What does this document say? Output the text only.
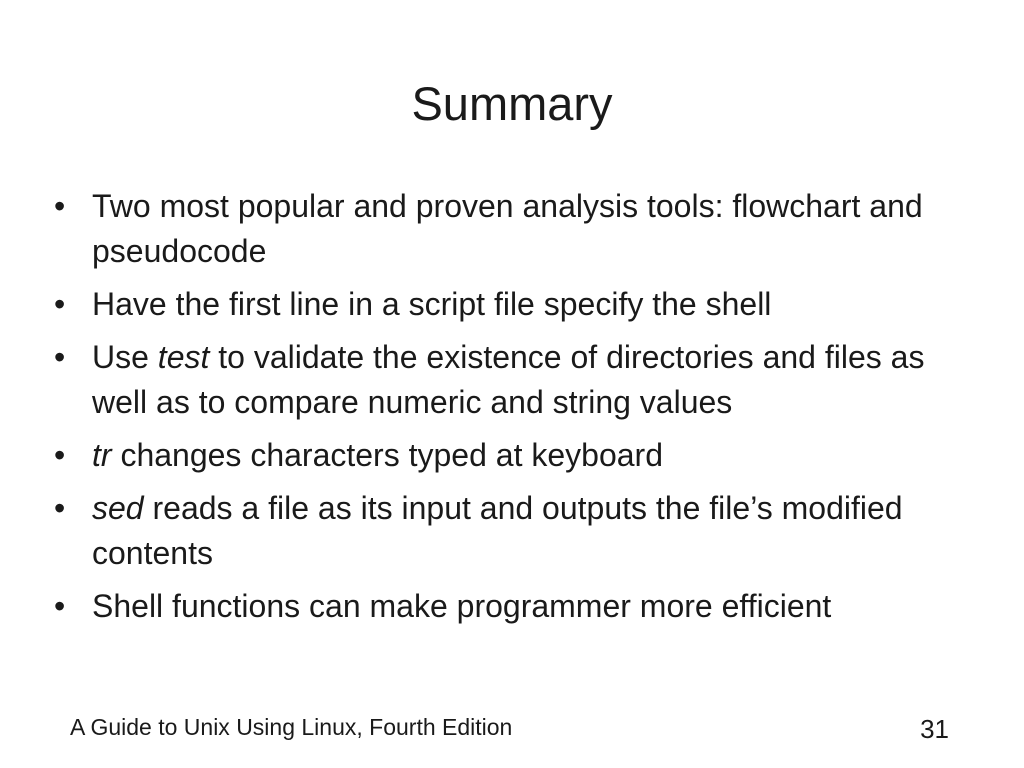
Summary
• Two most popular and proven analysis tools: flowchart and pseudocode
• Have the first line in a script file specify the shell
• Use test to validate the existence of directories and files as well as to compare numeric and string values
• tr changes characters typed at keyboard
• sed reads a file as its input and outputs the file’s modified contents
• Shell functions can make programmer more efficient
A Guide to Unix Using Linux, Fourth Edition	31
